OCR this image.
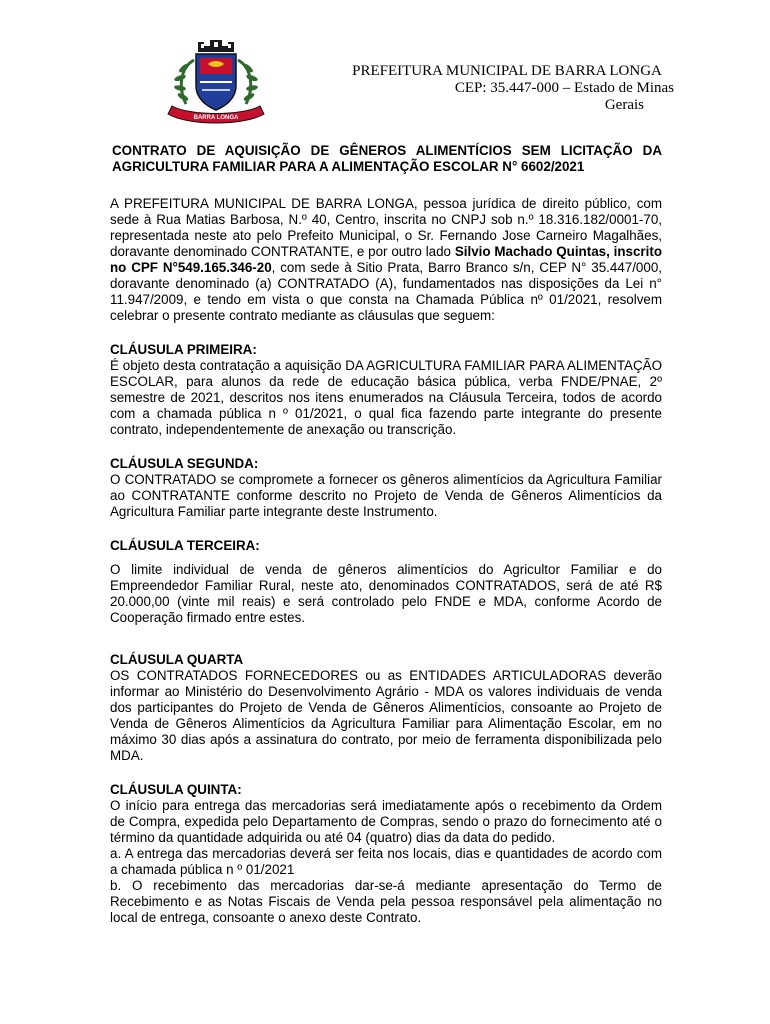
BARRA LONGA
PREFEITURA MUNICIPAL DE BARRA LONGA
CEP: 35.447-000 – Estado de Minas
Gerais
CONTRATO DE AQUISIÇÃO DE GÊNEROS ALIMENTÍCIOS SEM LICITAÇÃO DA AGRICULTURA FAMILIAR PARA A ALIMENTAÇÃO ESCOLAR N° 6602/2021

A PREFEITURA MUNICIPAL DE BARRA LONGA, pessoa jurídica de direito público, com sede à Rua Matias Barbosa, N.º 40, Centro, inscrita no CNPJ sob n.º 18.316.182/0001-70, representada neste ato pelo Prefeito Municipal, o Sr. Fernando Jose Carneiro Magalhães, doravante denominado CONTRATANTE, e por outro lado Silvio Machado Quintas, inscrito no CPF N°549.165.346-20, com sede à Sitio Prata, Barro Branco s/n, CEP N° 35.447/000, doravante denominado (a) CONTRATADO (A), fundamentados nas disposições da Lei n° 11.947/2009, e tendo em vista o que consta na Chamada Pública nº 01/2021, resolvem celebrar o presente contrato mediante as cláusulas que seguem:

CLÁUSULA PRIMEIRA:

É objeto desta contratação a aquisição DA AGRICULTURA FAMILIAR PARA ALIMENTAÇÃO ESCOLAR, para alunos da rede de educação básica pública, verba FNDE/PNAE, 2º semestre de 2021, descritos nos itens enumerados na Cláusula Terceira, todos de acordo com a chamada pública n º 01/2021, o qual fica fazendo parte integrante do presente contrato, independentemente de anexação ou transcrição.

CLÁUSULA SEGUNDA:

O CONTRATADO se compromete a fornecer os gêneros alimentícios da Agricultura Familiar ao CONTRATANTE conforme descrito no Projeto de Venda de Gêneros Alimentícios da Agricultura Familiar parte integrante deste Instrumento.

CLÁUSULA TERCEIRA:

O limite individual de venda de gêneros alimentícios do Agricultor Familiar e do Empreendedor Familiar Rural, neste ato, denominados CONTRATADOS, será de até R$ 20.000,00 (vinte mil reais) e será controlado pelo FNDE e MDA, conforme Acordo de Cooperação firmado entre estes.

CLÁUSULA QUARTA

OS CONTRATADOS FORNECEDORES ou as ENTIDADES ARTICULADORAS deverão informar ao Ministério do Desenvolvimento Agrário - MDA os valores individuais de venda dos participantes do Projeto de Venda de Gêneros Alimentícios, consoante ao Projeto de Venda de Gêneros Alimentícios da Agricultura Familiar para Alimentação Escolar, em no máximo 30 dias após a assinatura do contrato, por meio de ferramenta disponibilizada pelo MDA.

CLÁUSULA QUINTA:

O início para entrega das mercadorias será imediatamente após o recebimento da Ordem de Compra, expedida pelo Departamento de Compras, sendo o prazo do fornecimento até o término da quantidade adquirida ou até 04 (quatro) dias da data do pedido.

a. A entrega das mercadorias deverá ser feita nos locais, dias e quantidades de acordo com a chamada pública n º 01/2021

b. O recebimento das mercadorias dar-se-á mediante apresentação do Termo de Recebimento e as Notas Fiscais de Venda pela pessoa responsável pela alimentação no local de entrega, consoante o anexo deste Contrato.
